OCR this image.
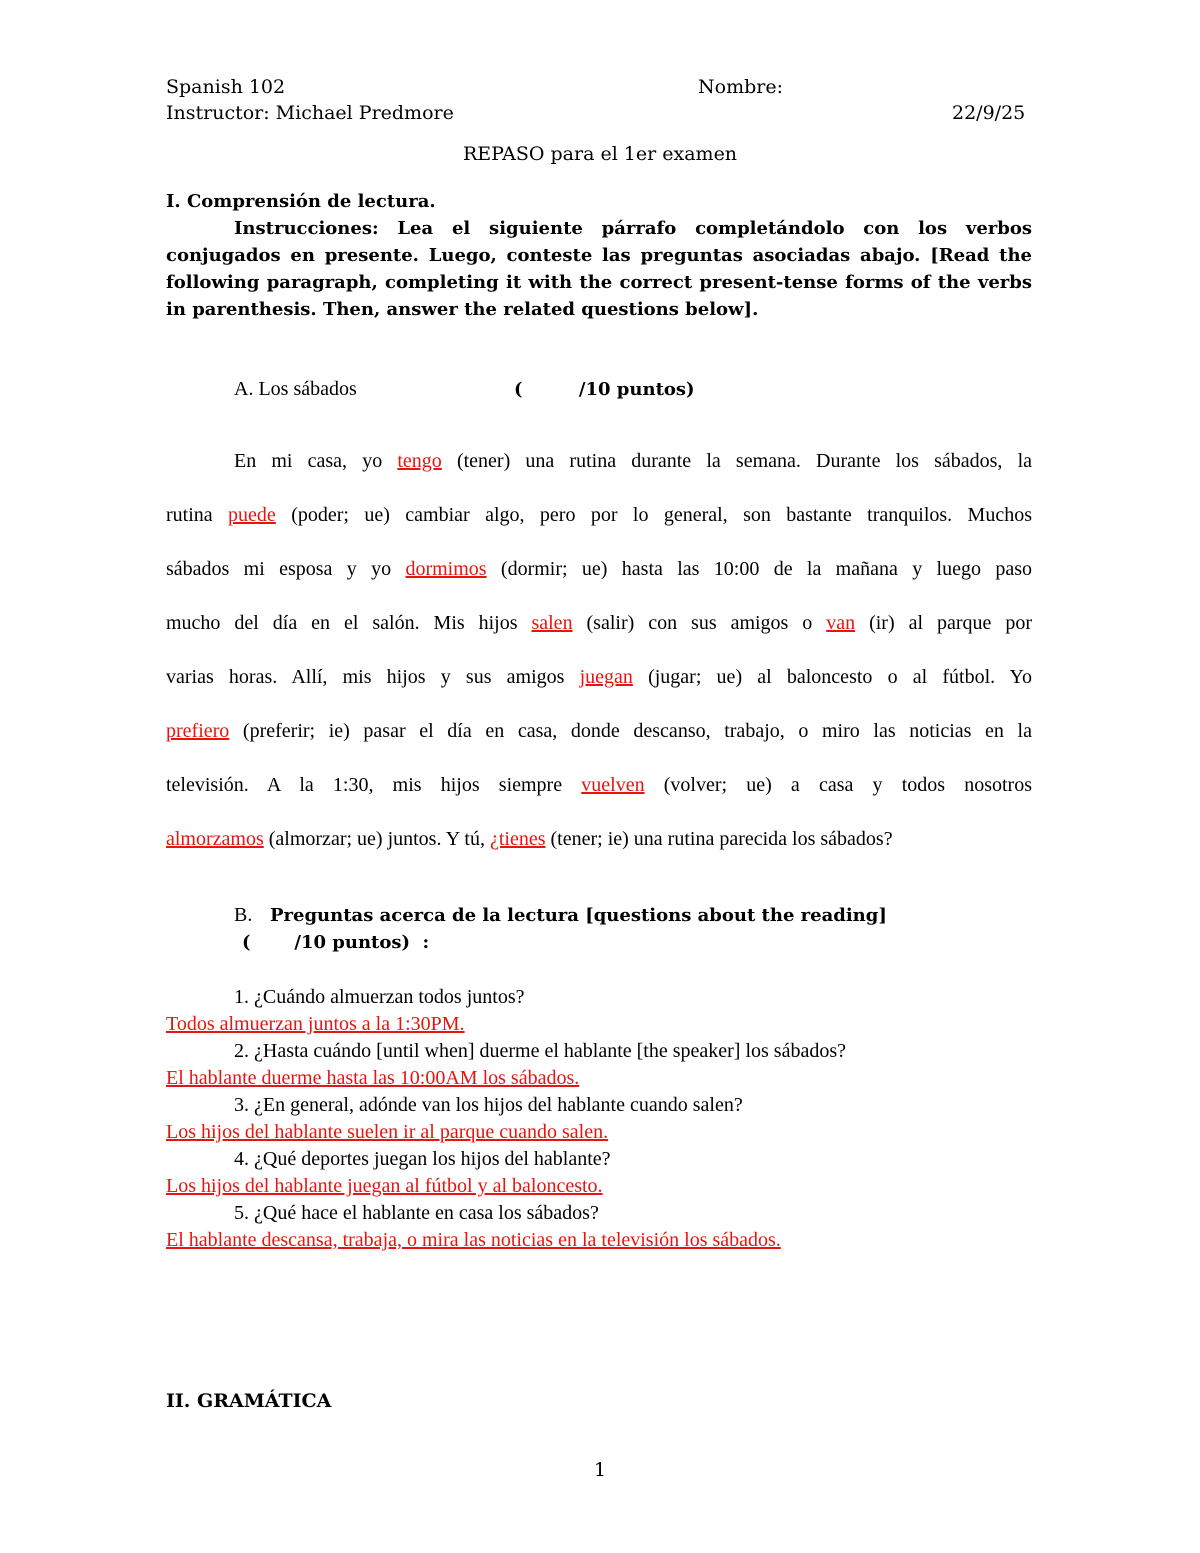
Spanish 102	Nombre:
Instructor: Michael Predmore	22/9/25
REPASO para el 1er examen
I. Comprensión de lectura.
Instrucciones: Lea el siguiente párrafo completándolo con los verbos conjugados en presente. Luego, conteste las preguntas asociadas abajo. [Read the following paragraph, completing it with the correct present-tense forms of the verbs in parenthesis. Then, answer the related questions below].
A. Los sábados	(         /10 puntos)
En mi casa, yo tengo (tener) una rutina durante la semana. Durante los sábados, la
rutina puede (poder; ue) cambiar algo, pero por lo general, son bastante tranquilos. Muchos
sábados mi esposa y yo dormimos (dormir; ue) hasta las 10:00 de la mañana y luego paso
mucho del día en el salón. Mis hijos salen (salir) con sus amigos o van (ir) al parque por
varias horas. Allí, mis hijos y sus amigos juegan (jugar; ue) al baloncesto o al fútbol. Yo
prefiero (preferir; ie) pasar el día en casa, donde descanso, trabajo, o miro las noticias en la
televisión. A la 1:30, mis hijos siempre vuelven (volver; ue) a casa y todos nosotros
almorzamos (almorzar; ue) juntos. Y tú, ¿tienes (tener; ie) una rutina parecida los sábados?
B. Preguntas acerca de la lectura [questions about the reading]
(       /10 puntos)  :
1. ¿Cuándo almuerzan todos juntos?
Todos almuerzan juntos a la 1:30PM.
2. ¿Hasta cuándo [until when] duerme el hablante [the speaker] los sábados?
El hablante duerme hasta las 10:00AM los sábados.
3. ¿En general, adónde van los hijos del hablante cuando salen?
Los hijos del hablante suelen ir al parque cuando salen.
4. ¿Qué deportes juegan los hijos del hablante?
Los hijos del hablante juegan al fútbol y al baloncesto.
5. ¿Qué hace el hablante en casa los sábados?
El hablante descansa, trabaja, o mira las noticias en la televisión los sábados.
II. GRAMÁTICA
1
